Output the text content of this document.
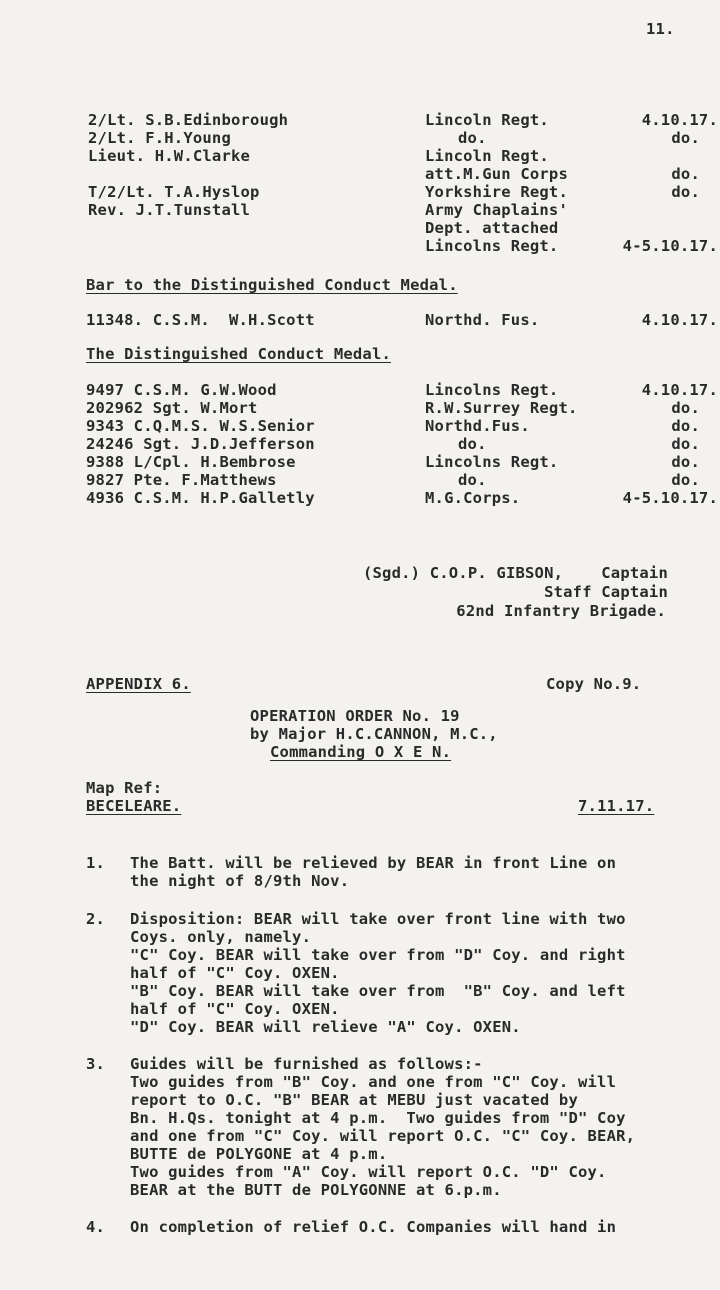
11.
2/Lt. S.B.Edinborough	Lincoln Regt.	4.10.17.
2/Lt. F.H.Young	do.	do.
Lieut. H.W.Clarke	Lincoln Regt.
att.M.Gun Corps	do.
T/2/Lt. T.A.Hyslop	Yorkshire Regt.	do.
Rev. J.T.Tunstall	Army Chaplains'
Dept. attached
Lincolns Regt.	4-5.10.17.
Bar to the Distinguished Conduct Medal.
11348. C.S.M.  W.H.Scott	Northd. Fus.	4.10.17.
The Distinguished Conduct Medal.
9497 C.S.M. G.W.Wood	Lincolns Regt.	4.10.17.
202962 Sgt. W.Mort	R.W.Surrey Regt.	do.
9343 C.Q.M.S. W.S.Senior	Northd.Fus.	do.
24246 Sgt. J.D.Jefferson	do.	do.
9388 L/Cpl. H.Bembrose	Lincolns Regt.	do.
9827 Pte. F.Matthews	do.	do.
4936 C.S.M. H.P.Galletly	M.G.Corps.	4-5.10.17.
(Sgd.) C.O.P. GIBSON,    Captain
Staff Captain
62nd Infantry Brigade.
APPENDIX 6.	Copy No.9.
OPERATION ORDER No. 19
by Major H.C.CANNON, M.C.,
Commanding O X E N.
Map Ref:
BECELEARE.	7.11.17.
1. The Batt. will be relieved by BEAR in front Line on
the night of 8/9th Nov.
2. Disposition: BEAR will take over front line with two
Coys. only, namely.
"C" Coy. BEAR will take over from "D" Coy. and right
half of "C" Coy. OXEN.
"B" Coy. BEAR will take over from  "B" Coy. and left
half of "C" Coy. OXEN.
"D" Coy. BEAR will relieve "A" Coy. OXEN.
3. Guides will be furnished as follows:-
Two guides from "B" Coy. and one from "C" Coy. will
report to O.C. "B" BEAR at MEBU just vacated by
Bn. H.Qs. tonight at 4 p.m.  Two guides from "D" Coy
and one from "C" Coy. will report O.C. "C" Coy. BEAR,
BUTTE de POLYGONE at 4 p.m.
Two guides from "A" Coy. will report O.C. "D" Coy.
BEAR at the BUTT de POLYGONNE at 6.p.m.
4. On completion of relief O.C. Companies will hand in
